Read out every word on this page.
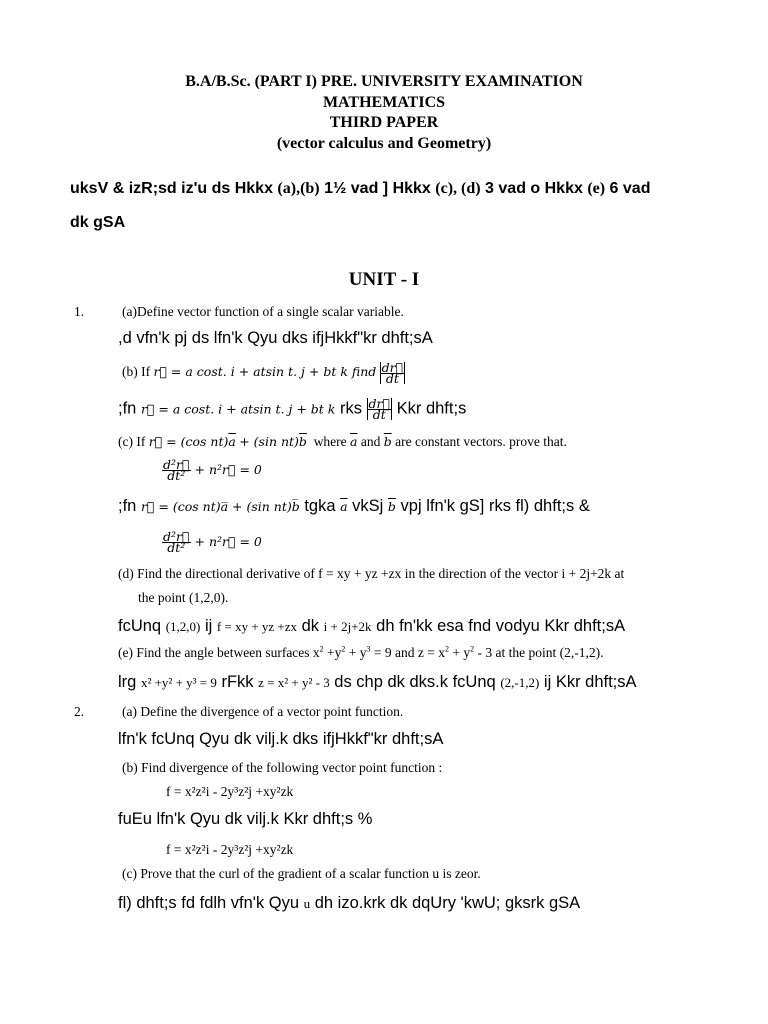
B.A/B.Sc. (PART I) PRE. UNIVERSITY EXAMINATION
MATHEMATICS
THIRD PAPER
(vector calculus and Geometry)
uksV & izR;sd iz'u ds Hkkx (a),(b) 1½ vad ] Hkkx (c), (d) 3 vad o Hkkx (e) 6 vad
dk gSA
UNIT - I
1.	(a)Define vector function of a single scalar variable.
,d vfn'k pj ds lfn'k Qyu dks ifjHkkf"kr dhft;sA
(b) If r⃗ = a cost. i + atsin t. j + bt k find $\frac{dr⃗}{dt}$
;fn r⃗ = a cost. i + atsin t. j + bt k rks $\frac{dr⃗}{dt}$ Kkr dhft;s
(c) If r⃗ = (cos $nt)\overline{a} + (\sin$ $nt)\overline{b}$ where $\overline{a}$ and $\overline{b}$ are constant vectors. prove that.
$\frac{\text{d²r⃗}}{\text{dt²}}$ + n²r⃗ = 0
;fn r⃗ = (cos nt)a̅ + (sin nt)b̅ tgka $\overline{a}$ vkSj $\overline{b}$ vpj lfn'k gS] rks fl) dhft;s &
$\frac{\text{d²r⃗}}{\text{dt²}}$ + n²r⃗ = 0
(d) Find the directional derivative of f = xy + yz +zx in the direction of the vector i + 2j+2k at
the point (1,2,0).
fcUnq (1,2,0) ij f = xy + yz +zx dk i + 2j+2k dh fn'kk esa fnd vodyu Kkr dhft;sA
(e) Find the angle between surfaces $x^2 +y^2 + y^3 = 9$ and $z = x^2 + y^2 - 3$ at the point (2,-1,2).
lrg x² +y² + y³ = 9 rFkk z = x² + y² - 3 ds chp dk dks.k fcUnq (2,-1,2) ij Kkr dhft;sA
2.	(a) Define the divergence of a vector point function.
lfn'k fcUnq Qyu dk vilj.k dks ifjHkkf"kr dhft;sA
(b) Find divergence of the following vector point function :
f = x²z²i - 2y³z²j +xy²zk
fuEu lfn'k Qyu dk vilj.k Kkr dhft;s %
f = x²z²i - 2y³z²j +xy²zk
(c) Prove that the curl of the gradient of a scalar function u is zeor.
fl) dhft;s fd fdlh vfn'k Qyu u dh izo.krk dk dqUry 'kwU; gksrk gSA
